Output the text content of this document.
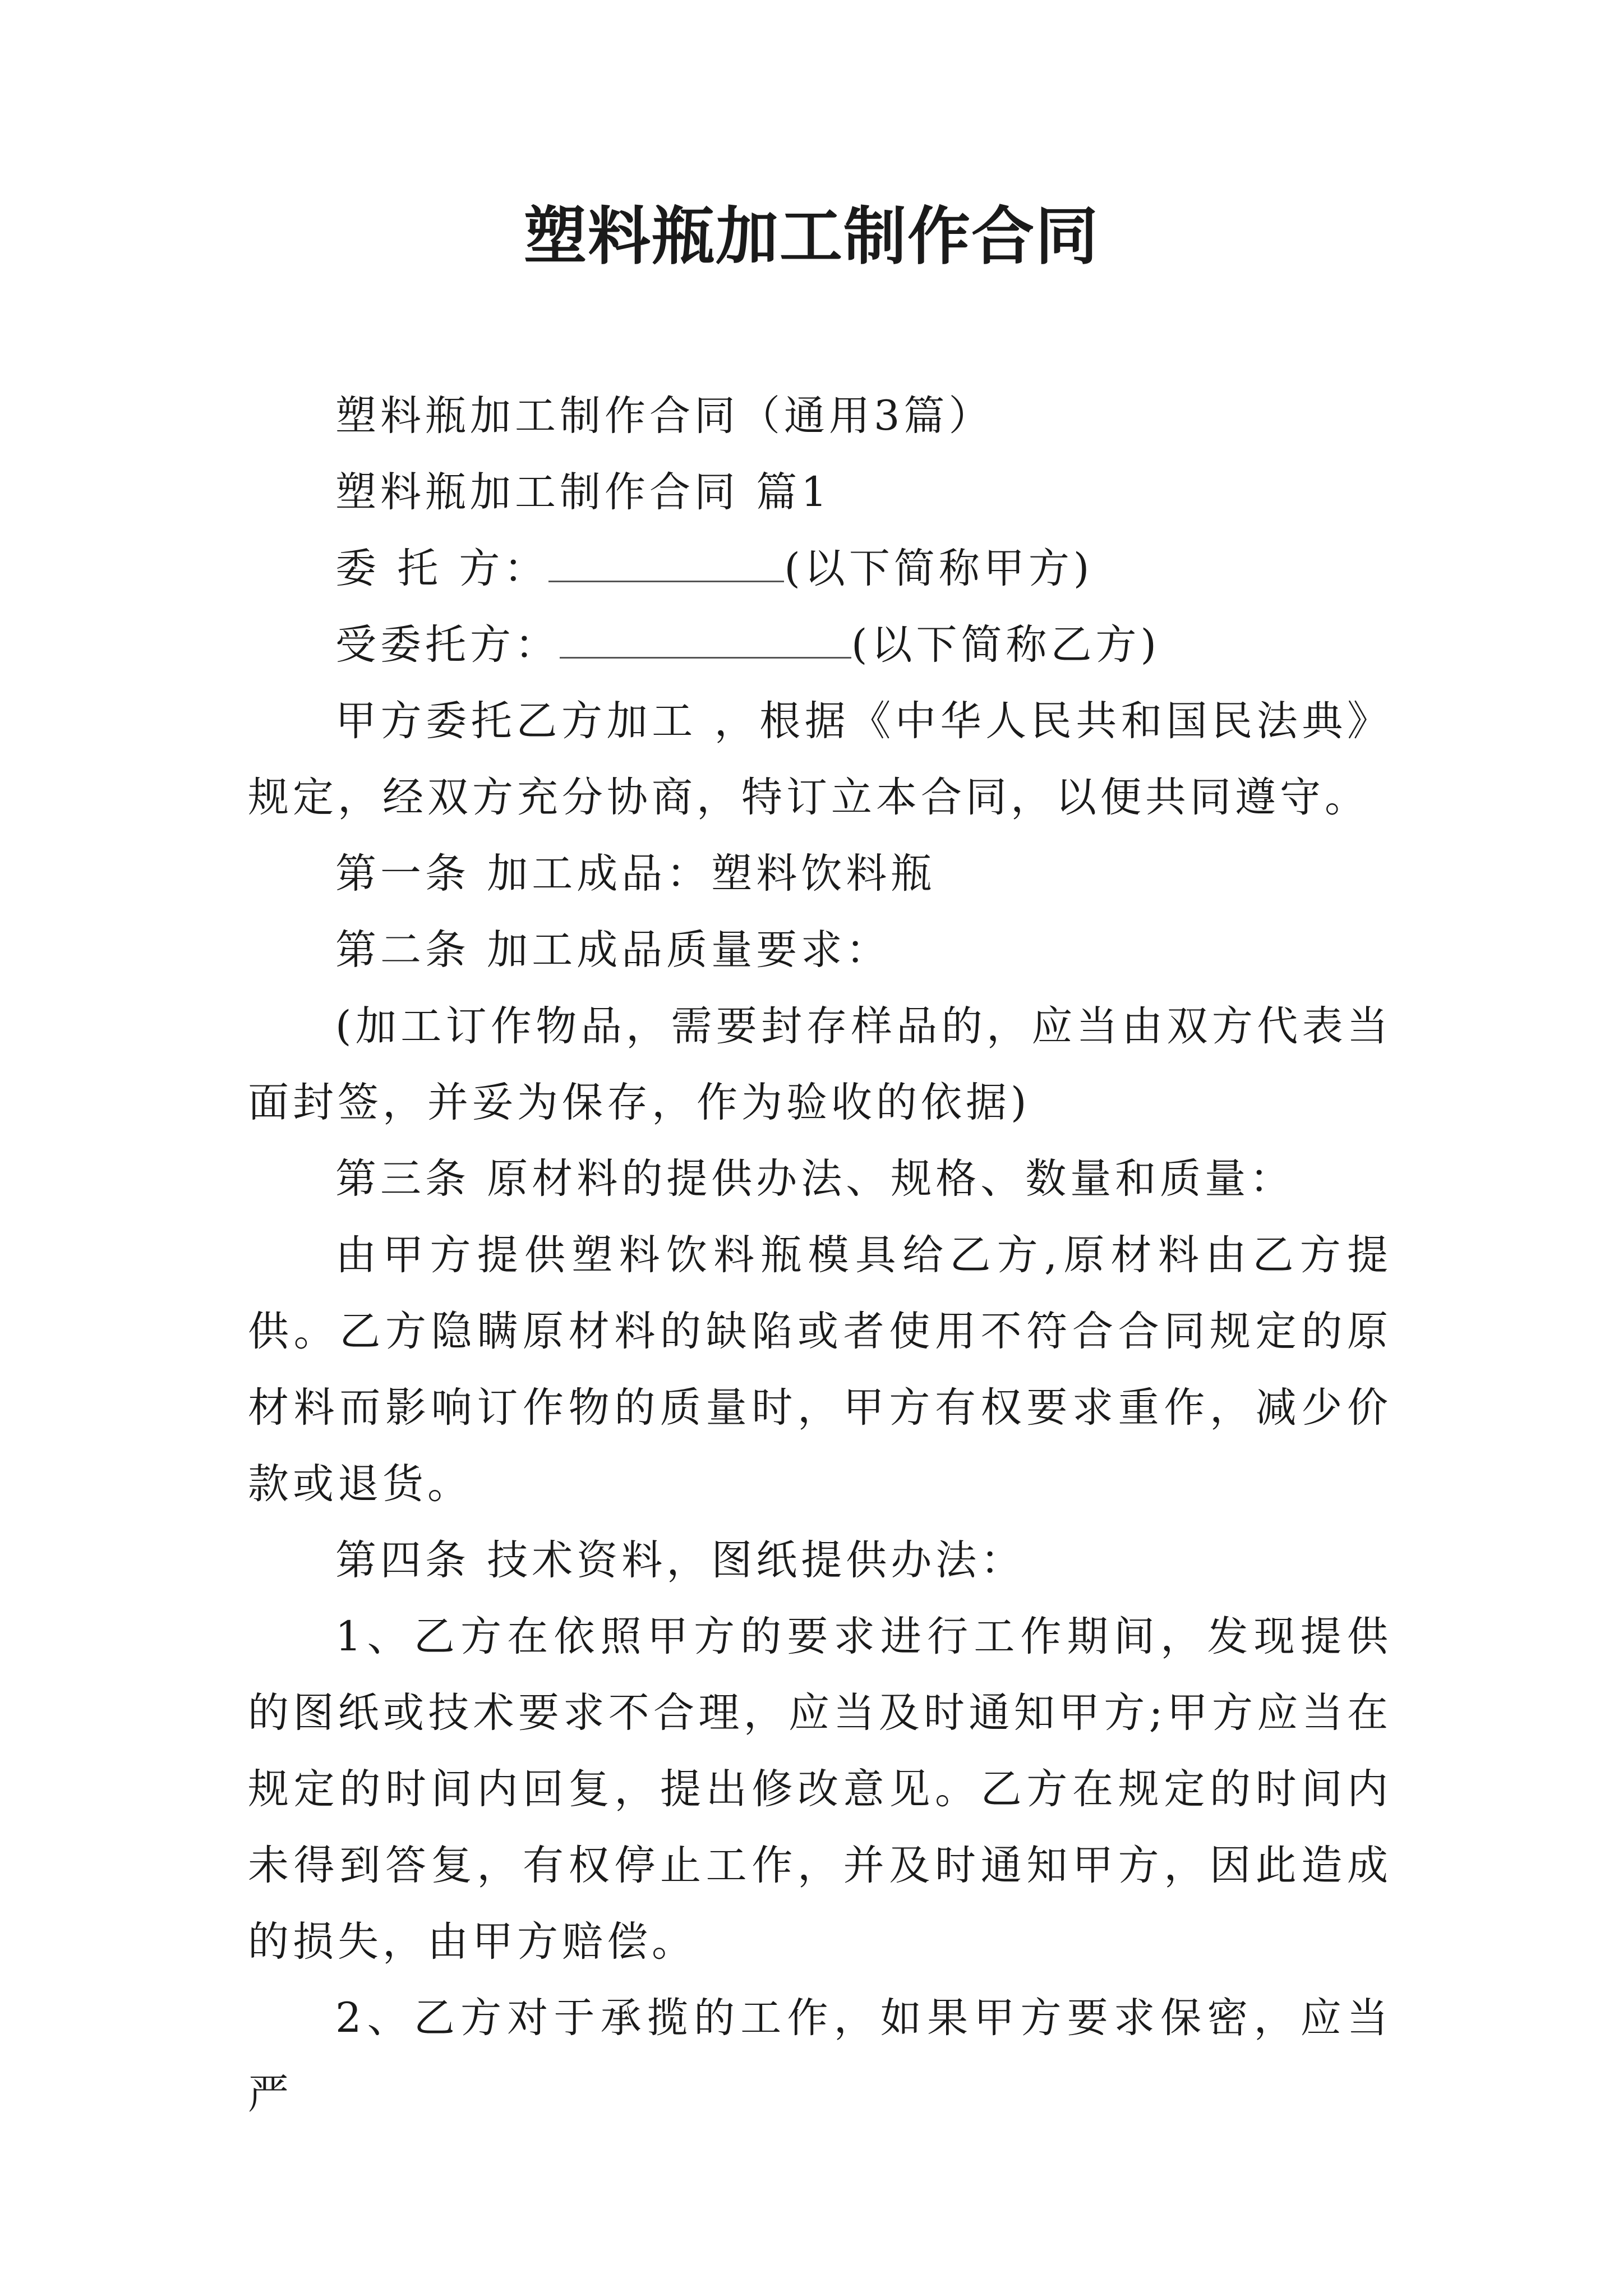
塑料瓶加工制作合同

塑料瓶加工制作合同（通用3篇）

塑料瓶加工制作合同 篇1

委 托 方：	(以下简称甲方)

受委托方：	(以下简称乙方)

甲方委托乙方加工 ，根据《中华人民共和国民法典》规定，经双方充分协商，特订立本合同，以便共同遵守。

第一条 加工成品：塑料饮料瓶

第二条 加工成品质量要求：

(加工订作物品，需要封存样品的，应当由双方代表当面封签，并妥为保存，作为验收的依据)

第三条 原材料的提供办法、规格、数量和质量：

由甲方提供塑料饮料瓶模具给乙方,原材料由乙方提供。乙方隐瞒原材料的缺陷或者使用不符合合同规定的原材料而影响订作物的质量时，甲方有权要求重作，减少价款或退货。

第四条 技术资料，图纸提供办法：

1、乙方在依照甲方的要求进行工作期间，发现提供的图纸或技术要求不合理，应当及时通知甲方;甲方应当在规定的时间内回复，提出修改意见。乙方在规定的时间内未得到答复，有权停止工作，并及时通知甲方，因此造成的损失，由甲方赔偿。

2、乙方对于承揽的工作，如果甲方要求保密，应当严
